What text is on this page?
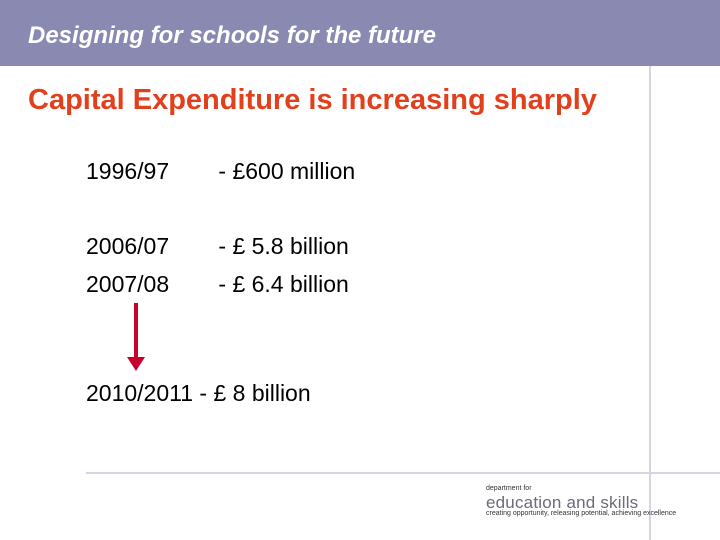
Designing for schools for the future
Capital Expenditure is increasing sharply
1996/97 - £600 million
2006/07 - £ 5.8 billion
2007/08 - £ 6.4 billion
2010/2011 - £ 8 billion
department for
education and skills
creating opportunity, releasing potential, achieving excellence
